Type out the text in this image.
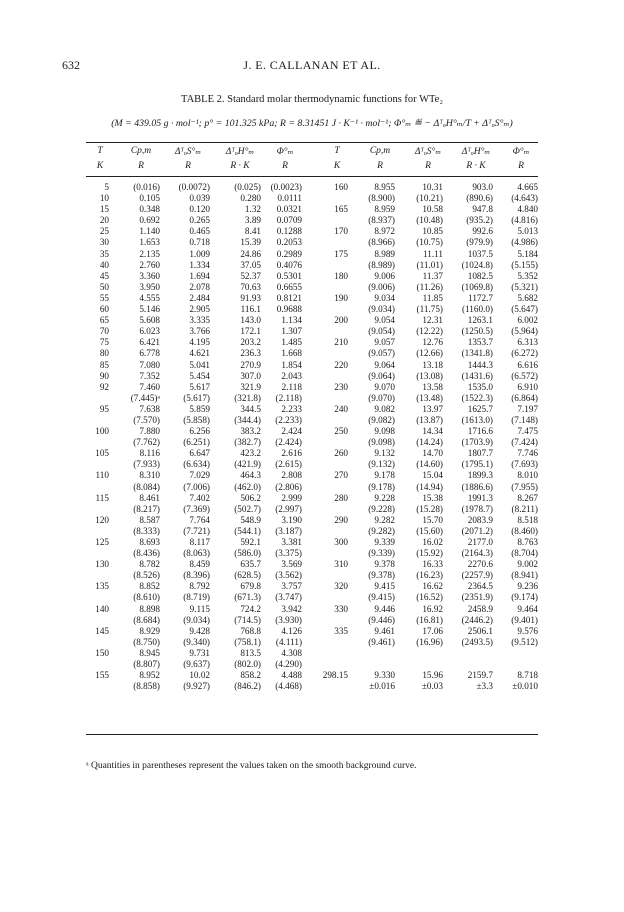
632	J. E. CALLANAN ET AL.
TABLE 2. Standard molar thermodynamic functions for WTe₂
(M = 439.05 g · mol⁻¹; p° = 101.325 kPa; R = 8.31451 J · K⁻¹ · mol⁻¹; Φ°ₘ ≝ − ΔᵀₒH°ₘ/T + ΔᵀₒS°ₘ)
T
K
Cp,m
R
ΔᵀₒS°ₘ
R
ΔᵀₒH°ₘ
R · K
Φ°ₘ
R
T
K
Cp,m
R
ΔᵀₒS°ₘ
R
ΔᵀₒH°ₘ
R · K
Φ°ₘ
R
5
10
15
20
25
30
35
40
45
50
55
60
65
70
75
80
85
90
92
95
100
105
110
115
120
125
130
135
140
145
150
155
(0.016)
0.105
0.348
0.692
1.140
1.653
2.135
2.760
3.360
3.950
4.555
5.146
5.608
6.023
6.421
6.778
7.080
7.352
7.460
(7.445)ᵃ
7.638
(7.570)
7.880
(7.762)
8.116
(7.933)
8.310
(8.084)
8.461
(8.217)
8.587
(8.333)
8.693
(8.436)
8.782
(8.526)
8.852
(8.610)
8.898
(8.684)
8.929
(8.750)
8.945
(8.807)
8.952
(8.858)
(0.0072)
0.039
0.120
0.265
0.465
0.718
1.009
1.334
1.694
2.078
2.484
2.905
3.335
3.766
4.195
4.621
5.041
5.454
5.617
(5.617)
5.859
(5.858)
6.256
(6.251)
6.647
(6.634)
7.029
(7.006)
7.402
(7.369)
7.764
(7.721)
8.117
(8.063)
8.459
(8.396)
8.792
(8.719)
9.115
(9.034)
9.428
(9.340)
9.731
(9.637)
10.02
(9.927)
(0.025)
0.280
1.32
3.89
8.41
15.39
24.86
37.05
52.37
70.63
91.93
116.1
143.0
172.1
203.2
236.3
270.9
307.0
321.9
(321.8)
344.5
(344.4)
383.2
(382.7)
423.2
(421.9)
464.3
(462.0)
506.2
(502.7)
548.9
(544.1)
592.1
(586.0)
635.7
(628.5)
679.8
(671.3)
724.2
(714.5)
768.8
(758.1)
813.5
(802.0)
858.2
(846.2)
(0.0023)
0.0111
0.0321
0.0709
0.1288
0.2053
0.2989
0.4076
0.5301
0.6655
0.8121
0.9688
1.134
1.307
1.485
1.668
1.854
2.043
2.118
(2.118)
2.233
(2.233)
2.424
(2.424)
2.616
(2.615)
2.808
(2.806)
2.999
(2.997)
3.190
(3.187)
3.381
(3.375)
3.569
(3.562)
3.757
(3.747)
3.942
(3.930)
4.126
(4.111)
4.308
(4.290)
4.488
(4.468)
160
165
170
175
180
190
200
210
220
230
240
250
260
270
280
290
300
310
320
330
335
298.15
8.955
(8.900)
8.959
(8.937)
8.972
(8.966)
8.989
(8.989)
9.006
(9.006)
9.034
(9.034)
9.054
(9.054)
9.057
(9.057)
9.064
(9.064)
9.070
(9.070)
9.082
(9.082)
9.098
(9.098)
9.132
(9.132)
9.178
(9.178)
9.228
(9.228)
9.282
(9.282)
9.339
(9.339)
9.378
(9.378)
9.415
(9.415)
9.446
(9.446)
9.461
(9.461)
9.330
±0.016
10.31
(10.21)
10.58
(10.48)
10.85
(10.75)
11.11
(11.01)
11.37
(11.26)
11.85
(11.75)
12.31
(12.22)
12.76
(12.66)
13.18
(13.08)
13.58
(13.48)
13.97
(13.87)
14.34
(14.24)
14.70
(14.60)
15.04
(14.94)
15.38
(15.28)
15.70
(15.60)
16.02
(15.92)
16.33
(16.23)
16.62
(16.52)
16.92
(16.81)
17.06
(16.96)
15.96
±0.03
903.0
(890.6)
947.8
(935.2)
992.6
(979.9)
1037.5
(1024.8)
1082.5
(1069.8)
1172.7
(1160.0)
1263.1
(1250.5)
1353.7
(1341.8)
1444.3
(1431.6)
1535.0
(1522.3)
1625.7
(1613.0)
1716.6
(1703.9)
1807.7
(1795.1)
1899.3
(1886.6)
1991.3
(1978.7)
2083.9
(2071.2)
2177.0
(2164.3)
2270.6
(2257.9)
2364.5
(2351.9)
2458.9
(2446.2)
2506.1
(2493.5)
2159.7
±3.3
4.665
(4.643)
4.840
(4.816)
5.013
(4.986)
5.184
(5.155)
5.352
(5.321)
5.682
(5.647)
6.002
(5.964)
6.313
(6.272)
6.616
(6.572)
6.910
(6.864)
7.197
(7.148)
7.475
(7.424)
7.746
(7.693)
8.010
(7.955)
8.267
(8.211)
8.518
(8.460)
8.763
(8.704)
9.002
(8.941)
9.236
(9.174)
9.464
(9.401)
9.576
(9.512)
8.718
±0.010
ᵃ Quantities in parentheses represent the values taken on the smooth background curve.
